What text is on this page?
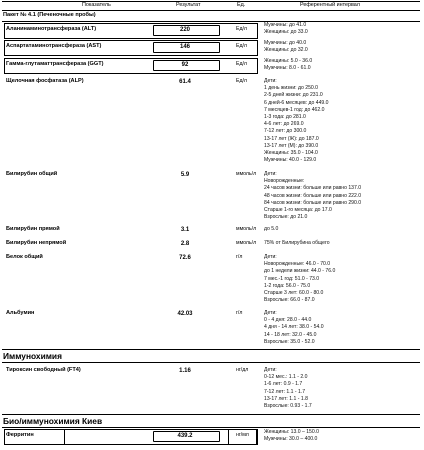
Показатель	Результат	Ед.	Референтный интервал
Пакет № 4.1 (Печеночные пробы)
Аланинаминотрансфераза (ALT)	220	Ед/л
Мужчины: до 41.0
Женщины: до 33.0
Аспартатаминотрансфераза (AST)	146	Ед/л	Мужчины: до 40.0
Женщины: до 32.0
Гамма-глутаматтрансфераза (GGT)	92	Ед/л	Женщины: 5.0 - 36.0
Мужчины: 8.0 - 61.0
Щелочная фосфатаза (ALP)	61.4	Ед/л	Дети:
1 день жизни: до 250.0
2-5 дней жизни: до 231.0
6 дней-6 месяцев: до 449.0
7 месяцев-1 год: до 462.0
1-3 года: до 281.0
4-6 лет: до 269.0
7-12 лет: до 300.0
13-17 лет (Ж): до 187.0
13-17 лет (М): до 390.0
Женщины: 35.0 - 104.0
Мужчины: 40.0 - 129.0
Билирубин общий	5.9	ммоль/л Дети:
Новорожденные:
24 часов жизни: больше или равно 137.0
48 часов жизни: больше или равно 222.0
84 часов жизни: больше или равно 290.0
Старше 1-го месяца: до 17.0
Взрослые: до 21.0
Билирубин прямой	3.1	ммоль/л до 5.0
Билирубин непрямой	2.8	ммоль/л 75% от Билирубина общего
Белок общий	72.6	г/л	Дети:
Новорожденные: 46.0 - 70.0
до 1 недели жизни: 44.0 - 76.0
7 мес.-1 год: 51.0 - 73.0
1-2 года: 56.0 - 75.0
Старше 3 лет: 60.0 - 80.0
Взрослые: 66.0 - 87.0
Альбумин	42.03	г/л	Дети:
0 - 4 дня: 28.0 - 44.0
4 дня - 14 лет: 38.0 - 54.0
14 - 18 лет: 32.0 - 45.0
Взрослые: 35.0 - 52.0
Иммунохимия
Тироксин свободный (FT4)	1.16	нг/дл	Дети:
0-12 мес.: 1.1 - 2.0
1-6 лет: 0.9 - 1.7
7-12 лет: 1.1 - 1.7
13-17 лет: 1.1 - 1.8
Взрослые: 0.93 - 1.7
Био/иммунохимия Киев
Ферритин	439.2	нг/мл	Женщины: 13.0 – 150.0
Мужчины: 30.0 – 400.0
